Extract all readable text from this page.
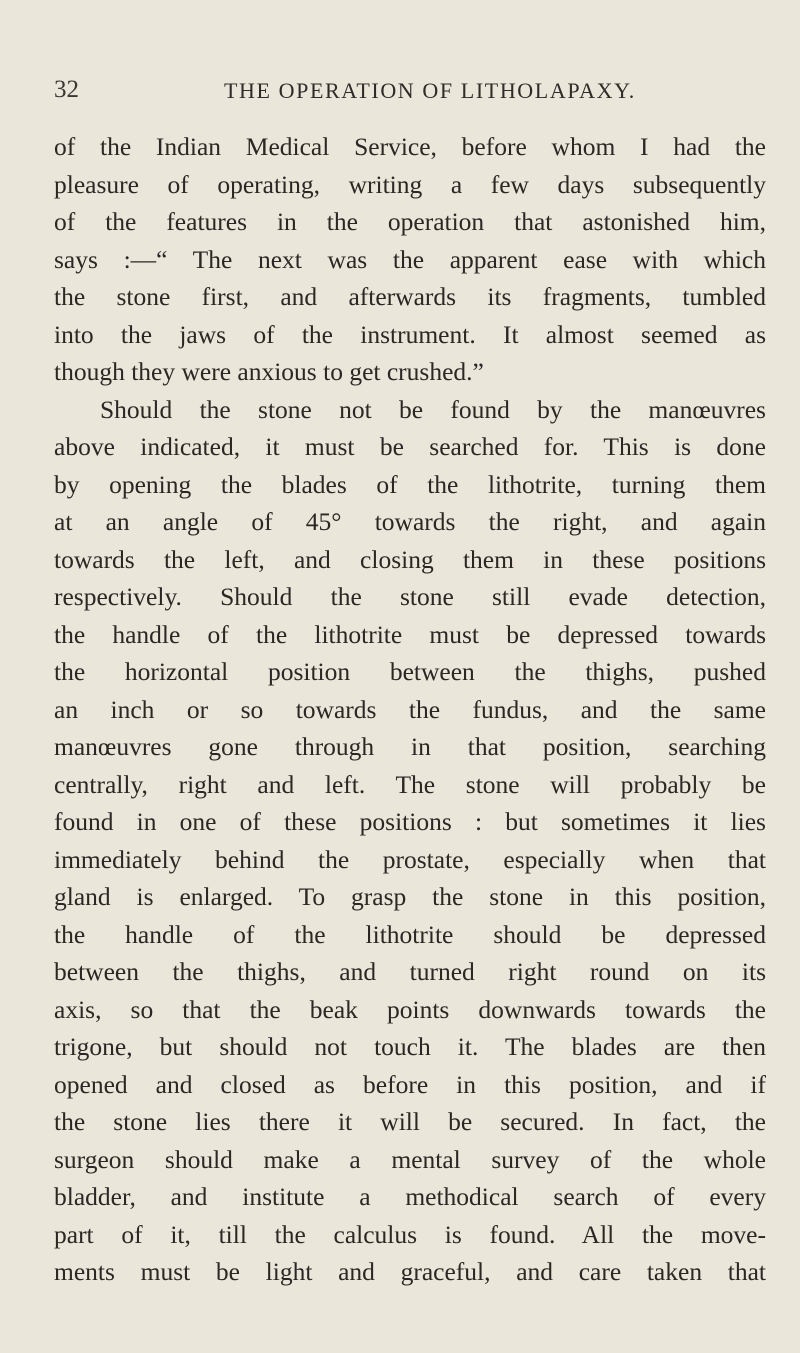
32	THE OPERATION OF LITHOLAPAXY.
of the Indian Medical Service, before whom I had the
pleasure of operating, writing a few days subsequently
of the features in the operation that astonished him,
says :—“ The next was the apparent ease with which
the stone first, and afterwards its fragments, tumbled
into the jaws of the instrument. It almost seemed as
though they were anxious to get crushed.”
Should the stone not be found by the manœuvres
above indicated, it must be searched for. This is done
by opening the blades of the lithotrite, turning them
at an angle of 45° towards the right, and again
towards the left, and closing them in these positions
respectively. Should the stone still evade detection,
the handle of the lithotrite must be depressed towards
the horizontal position between the thighs, pushed
an inch or so towards the fundus, and the same
manœuvres gone through in that position, searching
centrally, right and left. The stone will probably be
found in one of these positions : but sometimes it lies
immediately behind the prostate, especially when that
gland is enlarged. To grasp the stone in this position,
the handle of the lithotrite should be depressed
between the thighs, and turned right round on its
axis, so that the beak points downwards towards the
trigone, but should not touch it. The blades are then
opened and closed as before in this position, and if
the stone lies there it will be secured. In fact, the
surgeon should make a mental survey of the whole
bladder, and institute a methodical search of every
part of it, till the calculus is found. All the move-
ments must be light and graceful, and care taken that
